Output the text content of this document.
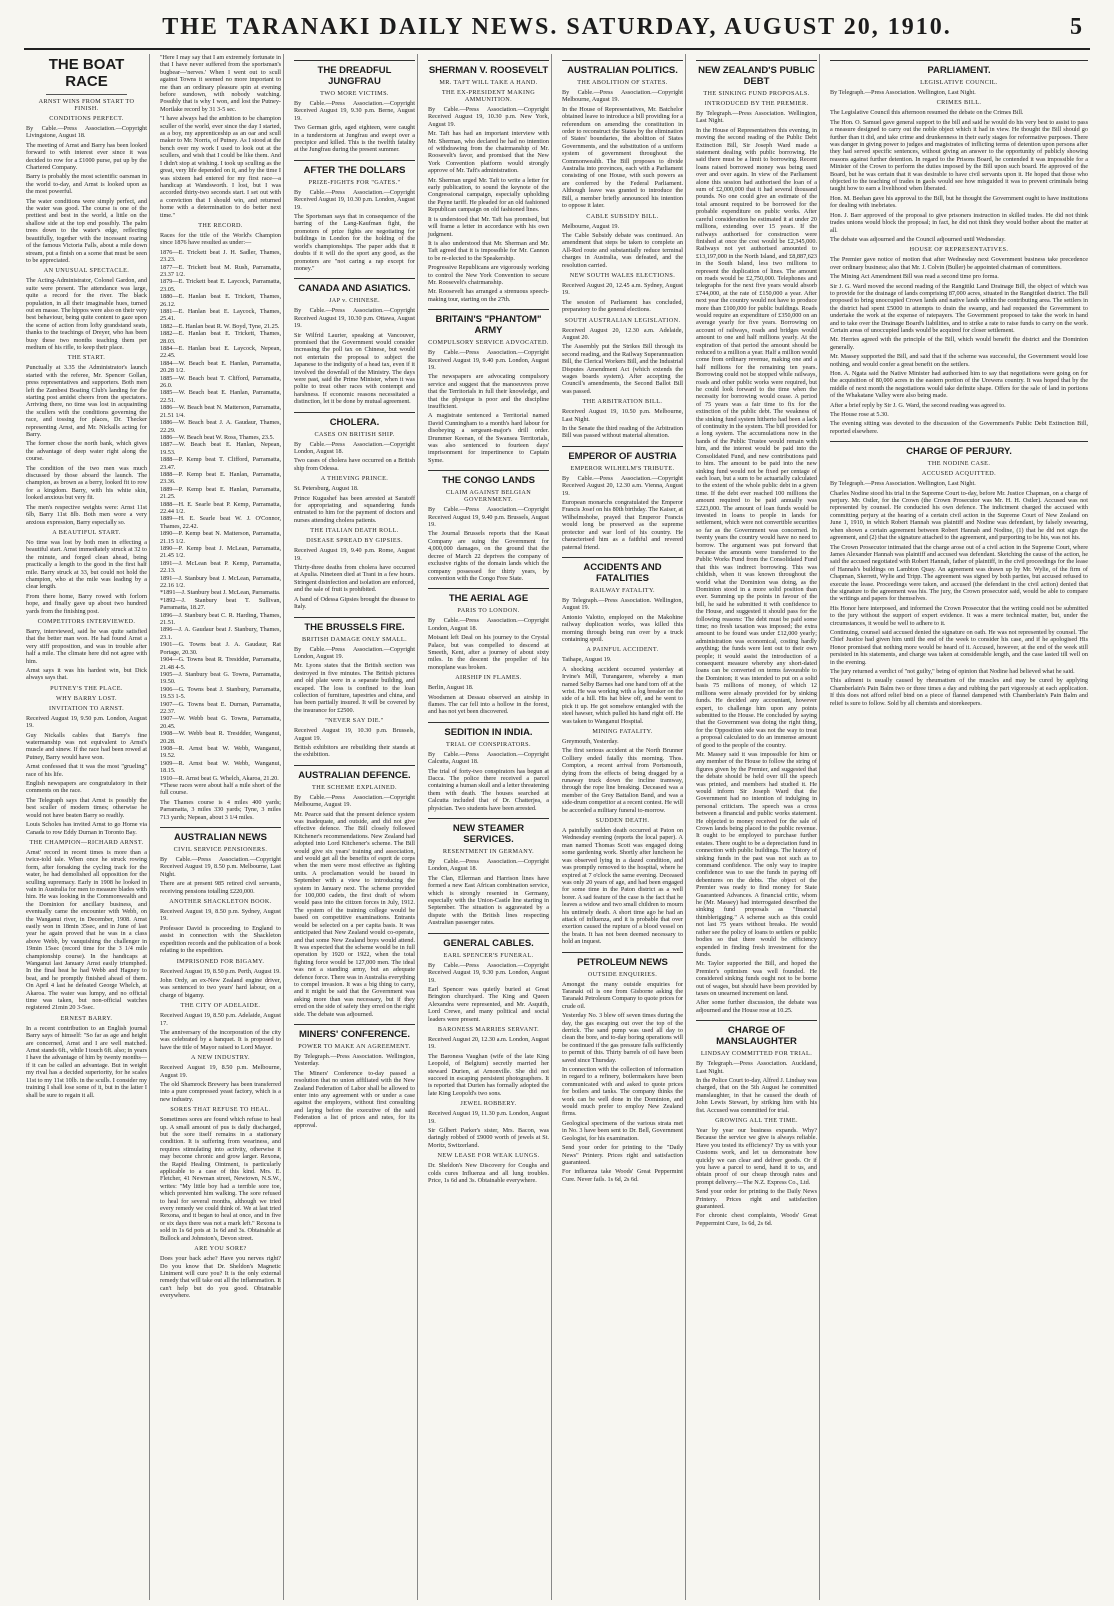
THE TARANAKI DAILY NEWS. SATURDAY, AUGUST 20, 1910.	5
THE BOAT RACE
ARNST WINS FROM START TO FINISH.
CONDITIONS PERFECT.
By Cable.—Press Association.—Copyright Livingstone, August 18.
The meeting of Arnst and Barry has been looked forward to with interest ever since it was decided to row for a £1000 purse, put up by the Chartered Company.
Barry is probably the most scientific oarsman in the world to-day, and Arnst is looked upon as the most powerful.
The water conditions were simply perfect, and the water was good. The course is one of the prettiest and best in the world, a little on the shallow side at the top end possibly. The palm trees down to the water's edge, reflecting beautifully, together with the incessant roaring of the famous Victoria Falls, about a mile down stream, put a finish on a scene that must be seen to be appreciated.
AN UNUSUAL SPECTACLE.
The Acting-Administrator, Colonel Gardon, and suite were present. The attendance was large, quite a record for the river. The black population, in all their imaginable hues, turned out en masse. The hippos were also on their very best behaviour, being quite content to gaze upon the scene of action from lofty grandstand seats, thanks to the teachings of Dreyer, who has been busy these two months teaching them per medium of his rifle, to keep their place.
THE START.
Punctually at 3.35 the Administrator's launch started with the referee, Mr. Spencer Gollan, press representatives and supporters. Both men left the Zambesi Boating Club's landing for the starting post amidst cheers from the spectators. Arriving there, no time was lost in acquainting the scullers with the conditions governing the race, and tossing for places, Dr. Thecker representing Arnst, and Mr. Nickalls acting for Barry.
The former chose the north bank, which gives the advantage of deep water right along the course.
The condition of the two men was much discussed by those aboard the launch. The champion, as brown as a berry, looked fit to row for a kingdom. Barry, with his white skin, looked anxious but very fit.
The men's respective weights were: Arnst 11st 6lb, Barry 11st 8lb. Both men wore a very anxious expression, Barry especially so.
A BEAUTIFUL START.
No time was lost by both men in effecting a beautiful start. Arnst immediately struck at 32 to the minute, and forged clean ahead, being practically a length to the good in the first half mile. Barry struck at 33, but could not hold the champion, who at the mile was leading by a clear length.
From there home, Barry rowed with forlorn hope, and finally gave up about two hundred yards from the finishing post.
COMPETITORS INTERVIEWED.
Barry, interviewed, said he was quite satisfied that the better man won. He had found Arnst a very stiff proposition, and was in trouble after half a mile. The climate here did not agree with him.
Arnst says it was his hardest win, but Dick always says that.
PUTNEY'S THE PLACE.
WHY BARRY LOST.
INVITATION TO ARNST.
Received August 19, 9.50 p.m. London, August 19.
Guy Nickalls cables that Barry's fine watermanship was not equivalent to Arnst's muscle and sinew. If the race had been rowed at Putney, Barry would have won.
Arnst confessed that it was the most "grueling" race of his life.
English newspapers are congratulatory in their comments on the race.
The Telegraph says that Arnst is possibly the best sculler of modern times; otherwise he would not have beaten Barry so readily.
Louis Scholes has invited Arnst to go Home via Canada to row Eddy Durnan in Toronto Bay.
THE CHAMPION—RICHARD ARNST.
Arnst' record in recent times is more than a twice-told tale. When once he struck rowing form, after forsaking the cycling track for the water, he had demolished all opposition for the sculling supremacy. Early in 1908 he looked in vain in Australia for men to measure blades with him. He was looking in the Commonwealth and the Dominion for ancillary business, and eventually came the encounter with Webb, on the Wanganui river, in December, 1908. Arnst easily won in 18min 35sec, and in June of last year he again proved that he was in a class above Webb, by vanquishing the challenger in 19min 15sec (record time for the 3 1/4 mile championship course). In the handicaps at Wanganui last January Arnst easily triumphed. In the final heat he had Webb and Hagney to beat, and he promptly finished ahead of them. On April 4 last he defeated George Whelch, at Akaroa. The water was lumpy, and no official time was taken, but non-official watches registered 21min 20 3-5sec.
ERNEST BARRY.
In a recent contribution to an English journal Barry says of himself: "So far as age and height are concerned, Arnst and I are well matched. Arnst stands 6ft., while I touch 6ft. also; in years I have the advantage of him by twenty months—if it can be called an advantage. But in weight my rival has a decided superiority, for he scales 11st to my 11st 10lb. in the sculls. I consider my training I shall lose some of it, but in the latter I shall be sure to regain it all.
"Here I may say that I am extremely fortunate in that I have never suffered from the sportsman's bugbear—'nerves.' When I went out to scull against Towns it seemed no more important to me than an ordinary pleasure spin at evening before sundown, with nobody watching. Possibly that is why I won, and lost the Putney-Mortlake record by 31 3-5 sec.
"I have always had the ambition to be champion sculler of the world, ever since the day I started, as a boy, my apprenticeship as an oar and scull maker to Mr. Norris, of Putney. As I stood at the bench over my work I used to look out at the scullers, and wish that I could be like them. And I didn't stop at wishing. I took up sculling as the great, very life depended on it, and by the time I was sixteen had entered for my first race—a handicap at Wandsworth. I lost, but I was accorded thirty-two seconds start. I set out with a conviction that I should win, and returned home with a determination to do better next time."
THE RECORD.
Races for the title of the World's Champion since 1876 have resulted as under:—
1876—E. Trickett beat J. H. Sadler, Thames, 23.23.
1877—E. Trickett beat M. Rush, Parramatta, 23.37 1/2.
1879—E. Trickett beat E. Laycock, Parramatta, 23.05.
1880—E. Hanlan beat E. Trickett, Thames, 26.12.
1881—E. Hanlan beat E. Laycock, Thames, 25.41.
1882—E. Hanlan beat R. W. Boyd, Tyne, 21.25.
1882—E. Hanlan beat E. Trickett, Thames, 28.03.
1884—E. Hanlan beat E. Laycock, Nepean, 22.45.
1884—W. Beach beat E. Hanlan, Parramatta, 20.28 1/2.
1885—W. Beach beat T. Clifford, Parramatta, 26.0.
1885—W. Beach beat E. Hanlan, Parramatta, 22.51.
1886—W. Beach beat N. Matterson, Parramatta, 21.51 1/4.
1886—W. Beach beat J. A. Gaudaur, Thames, 22.29.
1886—W. Beach beat W. Ross, Thames, 23.5.
1887—W. Beach beat E. Hanlan, Nepean, 19.53.
1888—P. Kemp beat T. Clifford, Parramatta, 23.47.
1888—P. Kemp beat E. Hanlan, Parramatta, 23.36.
1889—P. Kemp beat E. Hanlan, Parramatta, 21.25.
1888—H. E. Searle beat P. Kemp, Parramatta, 22.44 1/2.
1889—H. E. Searle beat W. J. O'Connor, Thames, 22.42.
1890—P. Kemp beat N. Matterson, Parramatta, 21.15 1/2.
1890—P. Kemp beat J. McLean, Parramatta, 21.45 1/2.
1891—J. McLean beat P. Kemp, Parramatta, 22.13.
1891—J. Stanbury beat J. McLean, Parramatta, 22.16 1/2.
*1891—J. Stanbury beat J. McLean, Parramatta.
*1892—J. Stanbury beat T. Sullivan, Parramatta, 18.27.
1896—J. Stanbury beat C. R. Harding, Thames, 21.51.
1896—J. A. Gaudaur beat J. Stanbury, Thames, 23.1.
1901—G. Towns beat J. A. Gaudaur, Rat Portage, 20.30.
1904—G. Towns beat R. Tresidder, Parramatta, 21.48 4-5.
1905—J. Stanbury beat G. Towns, Parramatta, 19.50.
1906—G. Towns beat J. Stanbury, Parramatta, 19.53 1-5.
1907—G. Towns beat E. Durnan, Parramatta, 22.37.
1907—W. Webb beat G. Towns, Parramatta, 20.45.
1908—W. Webb beat R. Tresidder, Wanganui, 20.28.
1908—R. Arnst beat W. Webb, Wanganui, 19.52.
1909—R. Arnst beat W. Webb, Wanganui, 18.15.
1910—R. Arnst beat G. Whelch, Akaroa, 21.20.
*These races were about half a mile short of the full course.
The Thames course is 4 miles 400 yards; Parramatta, 3 miles 330 yards; Tyne, 3 miles 713 yards; Nepean, about 3 1/4 miles.
AUSTRALIAN NEWS
CIVIL SERVICE PENSIONERS.
By Cable.—Press Association.—Copyright Received August 19, 8.50 p.m. Melbourne, Last Night.
There are at present 985 retired civil servants, receiving pensions totalling £220,000.
ANOTHER SHACKLETON BOOK.
Received August 19, 8.50 p.m. Sydney, August 19.
Professor David is proceeding to England to assist in connection with the Shackleton expedition records and the publication of a book relating to the expedition.
IMPRISONED FOR BIGAMY.
Received August 19, 8.50 p.m. Perth, August 19.
John Ordy, an ex-New Zealand engine driver, was sentenced to two years' hard labour, on a charge of bigamy.
THE CITY OF ADELAIDE.
Received August 19, 8.50 p.m. Adelaide, August 17.
The anniversary of the incorporation of the city was celebrated by a banquet. It is proposed to have the title of Mayor raised to Lord Mayor.
A NEW INDUSTRY.
Received August 19, 8.50 p.m. Melbourne, August 19.
The old Shamrock Brewery has been transferred into a pure compressed yeast factory, which is a new industry.
SORES THAT REFUSE TO HEAL.
Sometimes sores are found which refuse to heal up. A small amount of pus is daily discharged, but the sore itself remains in a stationary condition. It is suffering from weariness, and requires stimulating into activity, otherwise it may become chronic and grow larger. Rexona, the Rapid Healing Ointment, is particularly applicable to a case of this kind. Mrs. E. Fletcher, 41 Newman street, Newtown, N.S.W., writes: "My little boy had a terrible sore toe, which prevented him walking. The sore refused to heal for several months, although we tried every remedy we could think of. We at last tried Rexona, and it began to heal at once, and in five or six days there was not a mark left." Rexona is sold in 1s 6d pots at 1s 6d and 3s. Obtainable at Bullock and Johnston's, Devon street.
ARE YOU SORE?
Does your back ache? Have you nerves right? Do you know that Dr. Sheldon's Magnetic Liniment will cure you? It is the only external remedy that will take out all the inflammation. It can't help but do you good. Obtainable everywhere.
THE DREADFUL JUNGFRAU
TWO MORE VICTIMS.
By Cable.—Press Association.—Copyright Received August 19, 9.30 p.m. Berne, August 19.
Two German girls, aged eighteen, were caught in a tunderstorm at Jungfrau and swept over a precipice and killed. This is the twelfth fatality at the Jungfrau during the present summer.
AFTER THE DOLLARS
PRIZE-FIGHTS FOR "GATES."
By Cable.—Press Association.—Copyright Received August 19, 10.30 p.m. London, August 19.
The Sportsman says that in consequence of the barring of the Lang-Kaufman fight, the promoters of prize fights are negotiating for buildings in London for the holding of the world's championships. The paper adds that it doubts if it will do the sport any good, as the promoters are "not caring a rap except for money."
CANADA AND ASIATICS.
JAP v. CHINESE.
By Cable.—Press Association.—Copyright Received August 19, 10.30 p.m. Ottawa, August 19.
Sir Wilfrid Laurier, speaking at Vancouver, promised that the Government would consider increasing the poll tax on Chinese, but would not entertain the proposal to subject the Japanese to the indignity of a head tax, even if it involved the downfall of the Ministry. The days were past, said the Prime Minister, when it was polite to treat other races with contempt and harshness. If economic reasons necessitated a distinction, let it be done by mutual agreement.
CHOLERA.
CASES ON BRITISH SHIP.
By Cable.—Press Association.—Copyright London, August 18.
Two cases of cholera have occurred on a British ship from Odessa.
A THIEVING PRINCE.
St. Petersburg, August 18.
Prince Kugushef has been arrested at Saratoff for appropriating and squandering funds entrusted to him for the payment of doctors and nurses attending cholera patients.
THE ITALIAN DEATH ROLL.
DISEASE SPREAD BY GIPSIES.
Received August 19, 9.40 p.m. Rome, August 19.
Thirty-three deaths from cholera have occurred at Apulia. Nineteen died at Trani in a few hours. Stringent disinfection and isolation are enforced, and the sale of fruit is prohibited.
A band of Odessa Gipsies brought the disease to Italy.
THE BRUSSELS FIRE.
BRITISH DAMAGE ONLY SMALL.
By Cable.—Press Association.—Copyright London, August 19.
Mr. Lyons states that the British section was destroyed in five minutes. The British pictures and old plate were in a separate building, and escaped. The loss is confined to the loan collection of furniture, tapestries and china, and has been partially insured. It will be covered by the insurance for £2500.
"NEVER SAY DIE."
Received August 19, 10.30 p.m. Brussels, August 19.
British exhibitors are rebuilding their stands at the exhibition.
AUSTRALIAN DEFENCE.
THE SCHEME EXPLAINED.
By Cable.—Press Association.—Copyright Melbourne, August 19.
Mr. Pearce said that the present defence system was inadequate, and outside, and did not give effective defence. The Bill closely followed Kitchener's recommendations. New Zealand had adopted into Lord Kitchener's scheme. The Bill would give six years' training and association, and would get all the benefits of esprit de corps when the men were most effective as fighting units. A proclamation would be issued in September with a view to introducing the system in January next. The scheme provided for 100,000 cadets, the first draft of whom would pass into the citizen forces in July, 1912. The system of the training college would be based on competitive examinations. Entrants would be selected on a per capita basis. It was anticipated that New Zealand would co-operate, and that some New Zealand boys would attend. It was expected that the scheme would be in full operation by 1920 or 1922, when the total fighting force would be 127,000 men. The ideal was not a standing army, but an adequate defence force. There was in Australia everything to compel invasion. It was a big thing to carry, and it might be said that the Government was asking more than was necessary, but if they erred on the side of safety they erred on the right side. The debate was adjourned.
MINERS' CONFERENCE.
POWER TO MAKE AN AGREEMENT.
By Telegraph.—Press Association. Wellington, Yesterday.
The Miners' Conference to-day passed a resolution that no union affiliated with the New Zealand Federation of Labor shall be allowed to enter into any agreement with or under a case against the employers, without first consulting and laying before the executive of the said Federation a list of prices and rates, for its approval.
SHERMAN V. ROOSEVELT
MR. TAFT WILL TAKE A HAND.
THE EX-PRESIDENT MAKING AMMUNITION.
By Cable.—Press Association.—Copyright Received August 19, 10.30 p.m. New York, August 19.
Mr. Taft has had an important interview with Mr. Sherman, who declared he had no intention of withdrawing from the chairmanship of Mr. Roosevelt's favor, and promised that the New York Convention platform would strongly approve of Mr. Taft's administration.
Mr. Sherman urged Mr. Taft to write a letter for early publication, to sound the keynote of the Congressional campaign, especially upholding the Payne tariff. He pleaded for an old fashioned Republican campaign on old fashioned lines.
It is understood that Mr. Taft has promised, but will frame a letter in accordance with his own judgment.
It is also understood that Mr. Sherman and Mr. Taft agreed that it is impossible for Mr. Cannon to be re-elected to the Speakership.
Progressive Republicans are vigorously working to control the New York Convention to secure Mr. Roosevelt's chairmanship.
Mr. Roosevelt has arranged a strenuous speech-making tour, starting on the 27th.
BRITAIN'S "PHANTOM" ARMY
COMPULSORY SERVICE ADVOCATED.
By Cable.—Press Association.—Copyright Received August 19, 9.40 p.m. London, August 19.
The newspapers are advocating compulsory service and suggest that the manoeuvres prove that the Territorials in full their knowledge, and that the physique is poor and the discipline insufficient.
A magistrate sentenced a Territorial named David Cunningham to a month's hard labour for disobeying a sergeant-major's drill order. Drummer Keenan, of the Swansea Territorials, was also sentenced to fourteen days' imprisonment for impertinence to Captain Syme.
THE CONGO LANDS
CLAIM AGAINST BELGIAN GOVERNMENT.
By Cable.—Press Association.—Copyright Received August 19, 9.40 p.m. Brussels, August 19.
The Journal Brussels reports that the Kasai Company are suing the Government for 4,000,000 damages, on the ground that the decree of March 22 deprives the company of exclusive rights of the domain lands which the company possessed for thirty years, by convention with the Congo Free State.
THE AERIAL AGE
PARIS TO LONDON.
By Cable.—Press Association.—Copyright London, August 18.
Moisant left Deal on his journey to the Crystal Palace, but was compelled to descend at Smeeth, Kent, after a journey of about sixty miles. In the descent the propeller of his monoplane was broken.
AIRSHIP IN FLAMES.
Berlin, August 18.
Woodsmen at Dessau observed an airship in flames. The car fell into a hollow in the forest, and has not yet been discovered.
SEDITION IN INDIA.
TRIAL OF CONSPIRATORS.
By Cable.—Press Association.—Copyright Calcutta, August 18.
The trial of forty-two conspirators has begun at Dacca. The police there received a parcel containing a human skull and a letter threatening them with death. The houses searched at Calcutta included that of Dr. Chatterjea, a physician. Two students have been arrested.
NEW STEAMER SERVICES.
RESENTMENT IN GERMANY.
By Cable.—Press Association.—Copyright London, August 18.
The Clan, Ellerman and Harrison lines have formed a new East African combination service, which is strongly resented in Germany, especially with the Union-Castle line starting in September. The situation is aggravated by a dispute with the British lines respecting Australian passenger rates.
GENERAL CABLES.
EARL SPENCER'S FUNERAL.
By Cable.—Press Association.—Copyright Received August 19, 9.30 p.m. London, August 19.
Earl Spencer was quietly buried at Great Brington churchyard. The King and Queen Alexandra were represented, and Mr. Asquith, Lord Crewe, and many political and social leaders were present.
BARONESS MARRIES SERVANT.
Received August 20, 12.30 a.m. London, August 19.
The Baroness Vaughan (wife of the late King Leopold, of Belgium) secretly married her steward Durien, at Arnonville. She did not succeed in escaping persistent photographers. It is reported that Durien has formally adopted the late King Leopold's two sons.
JEWEL ROBBERY.
Received August 19, 11.30 p.m. London, August 19.
Sir Gilbert Parker's sister, Mrs. Bacon, was daringly robbed of £9000 worth of jewels at St. Moritz, Switzerland.
NEW LEASE FOR WEAK LUNGS.
Dr. Sheldon's New Discovery for Coughs and colds cures Influenza and all lung troubles. Price, 1s 6d and 3s. Obtainable everywhere.
AUSTRALIAN POLITICS.
THE ABOLITION OF STATES.
By Cable.—Press Association.—Copyright Melbourne, August 19.
In the House of Representatives, Mr. Batchelor obtained leave to introduce a bill providing for a referendum on amending the constitution in order to reconstruct the States by the elimination of States' boundaries, the abolition of States Governments, and the substitution of a uniform system of government throughout the Commonwealth. The Bill proposes to divide Australia into provinces, each with a Parliament consisting of one House, with such powers as are conferred by the Federal Parliament. Although leave was granted to introduce the Bill, a member briefly announced his intention to oppose it later.
CABLE SUBSIDY BILL.
Melbourne, August 19.
The Cable Subsidy debate was continued. An amendment that steps be taken to complete an All-Red route and substantially reduce terminal charges in Australia, was defeated, and the resolution carried.
NEW SOUTH WALES ELECTIONS.
Received August 20, 12.45 a.m. Sydney, August 19.
The session of Parliament has concluded, preparatory to the general elections.
SOUTH AUSTRALIAN LEGISLATION.
Received August 20, 12.30 a.m. Adelaide, August 20.
The Assembly put the Strikes Bill through its second reading, and the Railway Superannuation Bill, the Clerical Workers Bill, and the Industrial Disputes Amendment Act (which extends the wages boards system). After accepting the Council's amendments, the Second Ballot Bill was passed.
THE ARBITRATION BILL.
Received August 19, 10.50 p.m. Melbourne, Last Night.
In the Senate the third reading of the Arbitration Bill was passed without material alteration.
EMPEROR OF AUSTRIA
EMPEROR WILHELM'S TRIBUTE.
By Cable.—Press Association.—Copyright Received August 20, 12.30 a.m. Vienna, August 19.
European monarchs congratulated the Emperor Francis Josef on his 80th birthday. The Kaiser, at Wilhelmshohe, prayed that Emperor Francis would long be preserved as the supreme protector and war lord of his country. He characterised him as a faithful and revered paternal friend.
ACCIDENTS AND FATALITIES
RAILWAY FATALITY.
By Telegraph.—Press Association. Wellington, August 19.
Antonio Valotto, employed on the Makohine railway duplication works, was killed this morning through being run over by a truck containing spoil.
A PAINFUL ACCIDENT.
Taihape, August 19.
A shocking accident occurred yesterday at Irvine's Mill, Turangarere, whereby a man named Selby Barnes had one hand torn off at the wrist. He was working with a log breaker on the side of a hill. His hat blew off, and he went to pick it up. He got somehow entangled with the steel hawser, which pulled his hand right off. He was taken to Wanganui Hospital.
MINING FATALITY.
Greymouth, Yesterday.
The first serious accident at the North Brunner Colliery ended fatally this morning. Thos. Compton, a recent arrival from Portsmouth, dying from the effects of being dragged by a runaway truck down the incline tramway, through the rope line breaking. Deceased was a member of the Grey Battalion Band, and was a side-drum competitor at a recent contest. He will be accorded a military funeral to-morrow.
SUDDEN DEATH.
A painfully sudden death occurred at Paton on Wednesday evening (reports the local paper). A man named Thomas Scott was engaged doing some gardening work. Shortly after luncheon he was observed lying in a dazed condition, and was promptly removed to the hospital, where he expired at 7 o'clock the same evening. Deceased was only 20 years of age, and had been engaged for some time in the Paton district as a well borer. A sad feature of the case is the fact that he leaves a widow and two small children to mourn his untimely death. A short time ago he had an attack of influenza, and it is probable that over exertion caused the rupture of a blood vessel on the brain. It has not been deemed necessary to hold an inquest.
PETROLEUM NEWS
OUTSIDE ENQUIRIES.
Amongst the many outside enquiries for Taranaki oil is one from Gisborne asking the Taranaki Petroleum Company to quote prices for crude oil.
Yesterday No. 3 blew off seven times during the day, the gas escaping out over the top of the derrick. The sand pump was used all day to clean the bore, and to-day boring operations will be continued if the gas pressure falls sufficiently to permit of this. Thirty barrels of oil have been saved since Thursday.
In connection with the collection of information in regard to a refinery, boilermakers have been communicated with and asked to quote prices for boilers and tanks. The company thinks the work can be well done in the Dominion, and would much prefer to employ New Zealand firms.
Geological specimens of the various strata met in No. 3 have been sent to Dr. Bell, Government Geologist, for his examination.
Send your order for printing to the "Daily News" Printery. Prices right and satisfaction guaranteed.
For influenza take Woods' Great Peppermint Cure. Never fails. 1s 6d, 2s 6d.
NEW ZEALAND'S PUBLIC DEBT
THE SINKING FUND PROPOSALS.
INTRODUCED BY THE PREMIER.
By Telegraph.—Press Association. Wellington, Last Night.
In the House of Representatives this evening, in moving the second reading of the Public Debt Extinction Bill, Sir Joseph Ward made a statement dealing with public borrowing. He said there must be a limit to borrowing. Recent loans raised borrowed money was being used over and over again. In view of the Parliament alone this session had authorised the loan of a sum of £2,000,000 that it had several thousand pounds. No one could give an estimate of the total amount required to be borrowed for the probable expenditure on public works. After careful consideration he estimated it at under 20 millions, extending over 15 years. If the railways authorised for construction were finished at once the cost would be £2,345,000. Railways not yet authorised amounted to £13,197,000 in the North Island, and £8,887,623 in the South Island, less two millions to represent the duplication of lines. The amount on roads would be £2,750,000. Telephones and telegraphs for the next five years would absorb £744,000, at the rate of £150,000 a year. After next year the country would not have to produce more than £100,000 for public buildings. Roads would require an expenditure of £350,000 on an average yearly for five years. Borrowing on account of railways, roads and bridges would amount to one and half millions yearly. At the expiration of that period the amount should be reduced to a million a year. Half a million would come from ordinary revenue, making one and a half millions for the remaining ten years. Borrowing could not be stopped while railways, roads and other public works were required, but he could look forward to the time when the necessity for borrowing would cease. A period of 75 years was a fair time to fix for the extinction of the public debt. The weakness of the sinking fund system hitherto had been a lack of continuity in the system. The bill provided for a long system. The accumulations now in the hands of the Public Trustee would remain with him, and the interest would be paid into the Consolidated Fund, and new contributions paid to him. The amount to be paid into the new sinking fund would not be fixed per centage of each loan, but a sum to be actuarially calculated to the extent of the whole public debt in a given time. If the debt ever reached 100 millions the amount required to be paid annually was £223,000. The amount of loan funds would be invested in loans to people in lands for settlement, which were not convertible securities so far as the Government was concerned. In twenty years the country would have no need to borrow. The argument was put forward that because the amounts were transferred to the Public Works Fund from the Consolidated Fund that this was indirect borrowing. This was childish, when it was known throughout the world what the Dominion was doing, as the Dominion stood in a more solid position than ever. Summing up the points in favour of the bill, he said he submitted it with confidence to the House, and suggested it should pass for the following reasons: The debt must be paid some time; no fresh taxation was imposed; the extra amount to be found was under £12,000 yearly; administration was economical, costing hardly anything; the funds were lent out to their own people; it would assist the introduction of a consequent measure whereby any short-dated loans can be converted on terms favourable to the Dominion; it was intended to put on a solid basis 75 millions of money, of which 12 millions were already provided for by sinking funds. He decided any accountant, however expert, to challenge him upon any points submitted to the House. He concluded by saying that the Government was doing the right thing, for the Opposition side was not the way to treat a proposal calculated to do an immense amount of good to the people of the country.
Mr. Massey said it was impossible for him or any member of the House to follow the string of figures given by the Premier, and suggested that the debate should be held over till the speech was printed, and members had studied it. He would inform Sir Joseph Ward that the Government had no intention of indulging in personal criticism. The speech was a cross between a financial and public works statement. He objected to money received for the sale of Crown lands being placed to the public revenue. It ought to be employed to purchase further estates. There ought to be a depreciation fund in connection with public buildings. The history of sinking funds in the past was not such as to command confidence. The only way to inspire confidence was to use the funds in paying off debentures on the debts. The object of the Premier was ready to find money for State Guaranteed Advances. A financial critic, whom he (Mr. Massey) had interrogated described the sinking fund proposals as "financial thimblerigging." A scheme such as this could not last 75 years without breaks. He would rather see the policy of loans to settlers or public bodies so that there would be efficiency expended in finding fresh investment for the funds.
Mr. Taylor supported the Bill, and hoped the Premier's optimism was well founded. He considered sinking funds ought not to be borne out of wages, but should have been provided by taxes on unearned increment on land.
After some further discussion, the debate was adjourned and the House rose at 10.25.
CHARGE OF MANSLAUGHTER
LINDSAY COMMITTED FOR TRIAL.
By Telegraph.—Press Association. Auckland, Last Night.
In the Police Court to-day, Alfred J. Lindsay was charged, that on the 5th August he committed manslaughter, in that he caused the death of John Lewis Stewart, by striking him with his fist. Accused was committed for trial.
GROWING ALL THE TIME.
Year by year our business expands. Why? Because the service we give is always reliable. Have you tested its efficiency? Try us with your Customs work, and let us demonstrate how quickly we can clear and deliver goods. Or if you have a parcel to send, hand it to us, and obtain proof of our cheap through rates and prompt delivery.—The N.Z. Express Co., Ltd.
Send your order for printing to the Daily News Printery. Prices right and satisfaction guaranteed.
For chronic chest complaints, Woods' Great Peppermint Cure, 1s 6d, 2s 6d.
PARLIAMENT.
LEGISLATIVE COUNCIL.
By Telegraph.—Press Association. Wellington, Last Night.
CRIMES BILL.
The Legislative Council this afternoon resumed the debate on the Crimes Bill.
The Hon. O. Samuel gave general support to the bill and said he would do his very best to assist to pass a measure designed to carry out the noble object which it had in view. He thought the Bill should go further than it did, and take crime and drunkenness in their early stages for reformative purposes. There was danger in giving power to judges and magistrates of inflicting terms of detention upon persons after they had served specific sentences, without giving an answer to the opportunity of publicly showing reasons against further detention. In regard to the Prisons Board, he contended it was impossible for a Minister of the Crown to perform the duties imposed by the Bill upon such board. He approved of the Board, but he was certain that it was desirable to have civil servants upon it. He hoped that those who objected to the teaching of trades in gaols would see how misguided it was to prevent criminals being taught how to earn a livelihood when liberated.
Hon. M. Beehan gave his approval to the Bill, but he thought the Government ought to have institutions for dealing with inebriates.
Hon. J. Barr approved of the proposal to give prisoners instruction in skilled trades. He did not think trades unions would block the proposal; in fact, he did not think they would bother about the matter at all.
The debate was adjourned and the Council adjourned until Wednesday.
HOUSE OF REPRESENTATIVES.
The Premier gave notice of motion that after Wednesday next Government business take precedence over ordinary business; also that Mr. J. Colvin (Buller) be appointed chairman of committees.
The Mining Act Amendment Bill was read a second time pro forma.
Sir J. G. Ward moved the second reading of the Rangitiki Land Drainage Bill, the object of which was to provide for the drainage of lands comprising 87,000 acres, situated in the Rangitikei district. The Bill proposed to bring unoccupied Crown lands and native lands within the contributing area. The settlers in the district had spent £5000 in attempts to drain the swamp, and had requested the Government to undertake the work at the expense of ratepayers. The Government proposed to take the work in hand and to take over the Drainage Board's liabilities, and to strike a rate to raise funds to carry on the work. Certain areas of unoccupied lands would be acquired for closer settlement.
Mr. Herries agreed with the principle of the Bill, which would benefit the district and the Dominion generally.
Mr. Massey supported the Bill, and said that if the scheme was successful, the Government would lose nothing, and would confer a great benefit on the settlers.
Hon. A. Ngata said the Native Minister had authorised him to say that negotiations were going on for the acquisition of 80,000 acres in the eastern portion of the Urewera country. It was hoped that by the middle of next month the negotiations would take definite shape. Offers for the sale of land in portions of the Whakatane Valley were also being made.
After a brief reply by Sir J. G. Ward, the second reading was agreed to.
The House rose at 5.30.
The evening sitting was devoted to the discussion of the Government's Public Debt Extinction Bill, reported elsewhere.
CHARGE OF PERJURY.
THE NODINE CASE.
ACCUSED ACQUITTED.
By Telegraph.—Press Association. Wellington, Last Night.
Charles Nodine stood his trial in the Supreme Court to-day, before Mr. Justice Chapman, on a charge of perjury. Mr. Ostler, for the Crown (the Crown Prosecutor was Mr. H. H. Ostler). Accused was not represented by counsel. He conducted his own defence. The indictment charged the accused with committing perjury at the hearing of a certain civil action in the Supreme Court of New Zealand on June 1, 1910, in which Robert Hannah was plaintiff and Nodine was defendant, by falsely swearing, when shown a certain agreement between Robert Hannah and Nodine, (1) that he did not sign the agreement, and (2) that the signature attached to the agreement, and purporting to be his, was not his.
The Crown Prosecutor intimated that the charge arose out of a civil action in the Supreme Court, where James Alexander Hannah was plaintiff and accused was defendant. Sketching the cause of the action, he said the accused negotiated with Robert Hannah, father of plaintiff, in the civil proceedings for the lease of Hannah's buildings on Lambton Quay. An agreement was drawn up by Mr. Wylie, of the firm of Chapman, Skerrett, Wylie and Tripp. The agreement was signed by both parties, but accused refused to execute the lease. Proceedings were taken, and accused (the defendant in the civil action) denied that the signature to the agreement was his. The jury, the Crown prosecutor said, would be able to compare the writings and papers for themselves.
His Honor here interposed, and informed the Crown Prosecutor that the writing could not be submitted to the jury without the support of expert evidence. It was a mere technical matter, but, under the circumstances, it would be well to adhere to it.
Continuing, counsel said accused denied the signature on oath. He was not represented by counsel. The Chief Justice had given him until the end of the week to consider his case, and if he apologised His Honor promised that nothing more would be heard of it. Accused, however, at the end of the week still persisted in his statements, and charge was taken at considerable length, and the case lasted till well on in the evening.
The jury returned a verdict of "not guilty," being of opinion that Nodine had believed what he said.
This ailment is usually caused by rheumatism of the muscles and may be cured by applying Chamberlain's Pain Balm two or three times a day and rubbing the part vigorously at each application. If this does not afford relief bind on a piece of flannel dampened with Chamberlain's Pain Balm and relief is sure to follow. Sold by all chemists and storekeepers.
